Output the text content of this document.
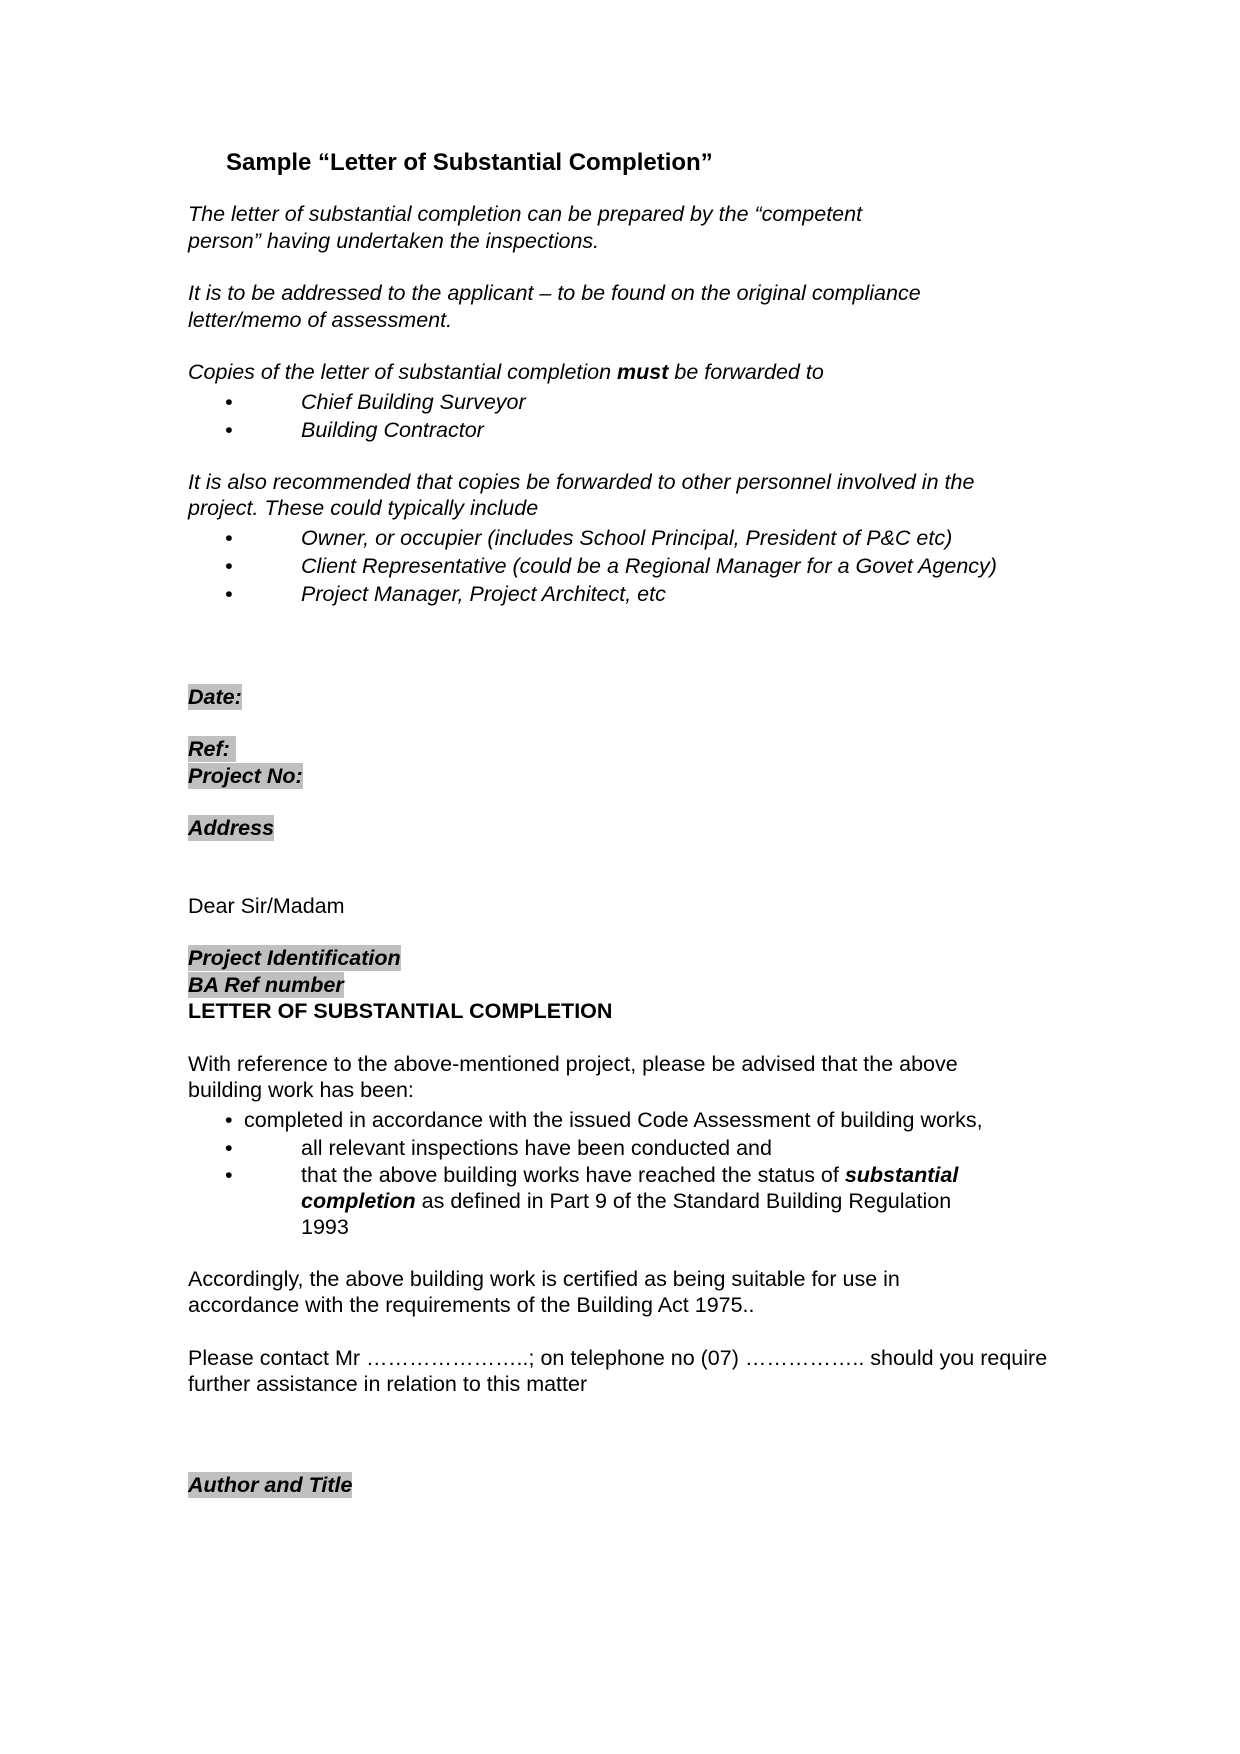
Sample “Letter of Substantial Completion”

The letter of substantial completion can be prepared by the “competent person” having undertaken the inspections.

It is to be addressed to the applicant – to be found on the original compliance letter/memo of assessment.

Copies of the letter of substantial completion must be forwarded to

•	Chief Building Surveyor
•	Building Contractor

It is also recommended that copies be forwarded to other personnel involved in the project. These could typically include

•	Owner, or occupier (includes School Principal, President of P&C etc)
•	Client Representative (could be a Regional Manager for a Govet Agency)
•	Project Manager, Project Architect, etc
Date:
Ref:
Project No:
Address

Dear Sir/Madam

Project Identification
BA Ref number
LETTER OF SUBSTANTIAL COMPLETION

With reference to the above-mentioned project, please be advised that the above building work has been:

• completed in accordance with the issued Code Assessment of building works,
•	all relevant inspections have been conducted and
•	that the above building works have reached the status of substantial completion as defined in Part 9 of the Standard Building Regulation 1993

Accordingly, the above building work is certified as being suitable for use in accordance with the requirements of the Building Act 1975..

Please contact Mr …………………..; on telephone no (07) …………….. should you require further assistance in relation to this matter

Author and Title
